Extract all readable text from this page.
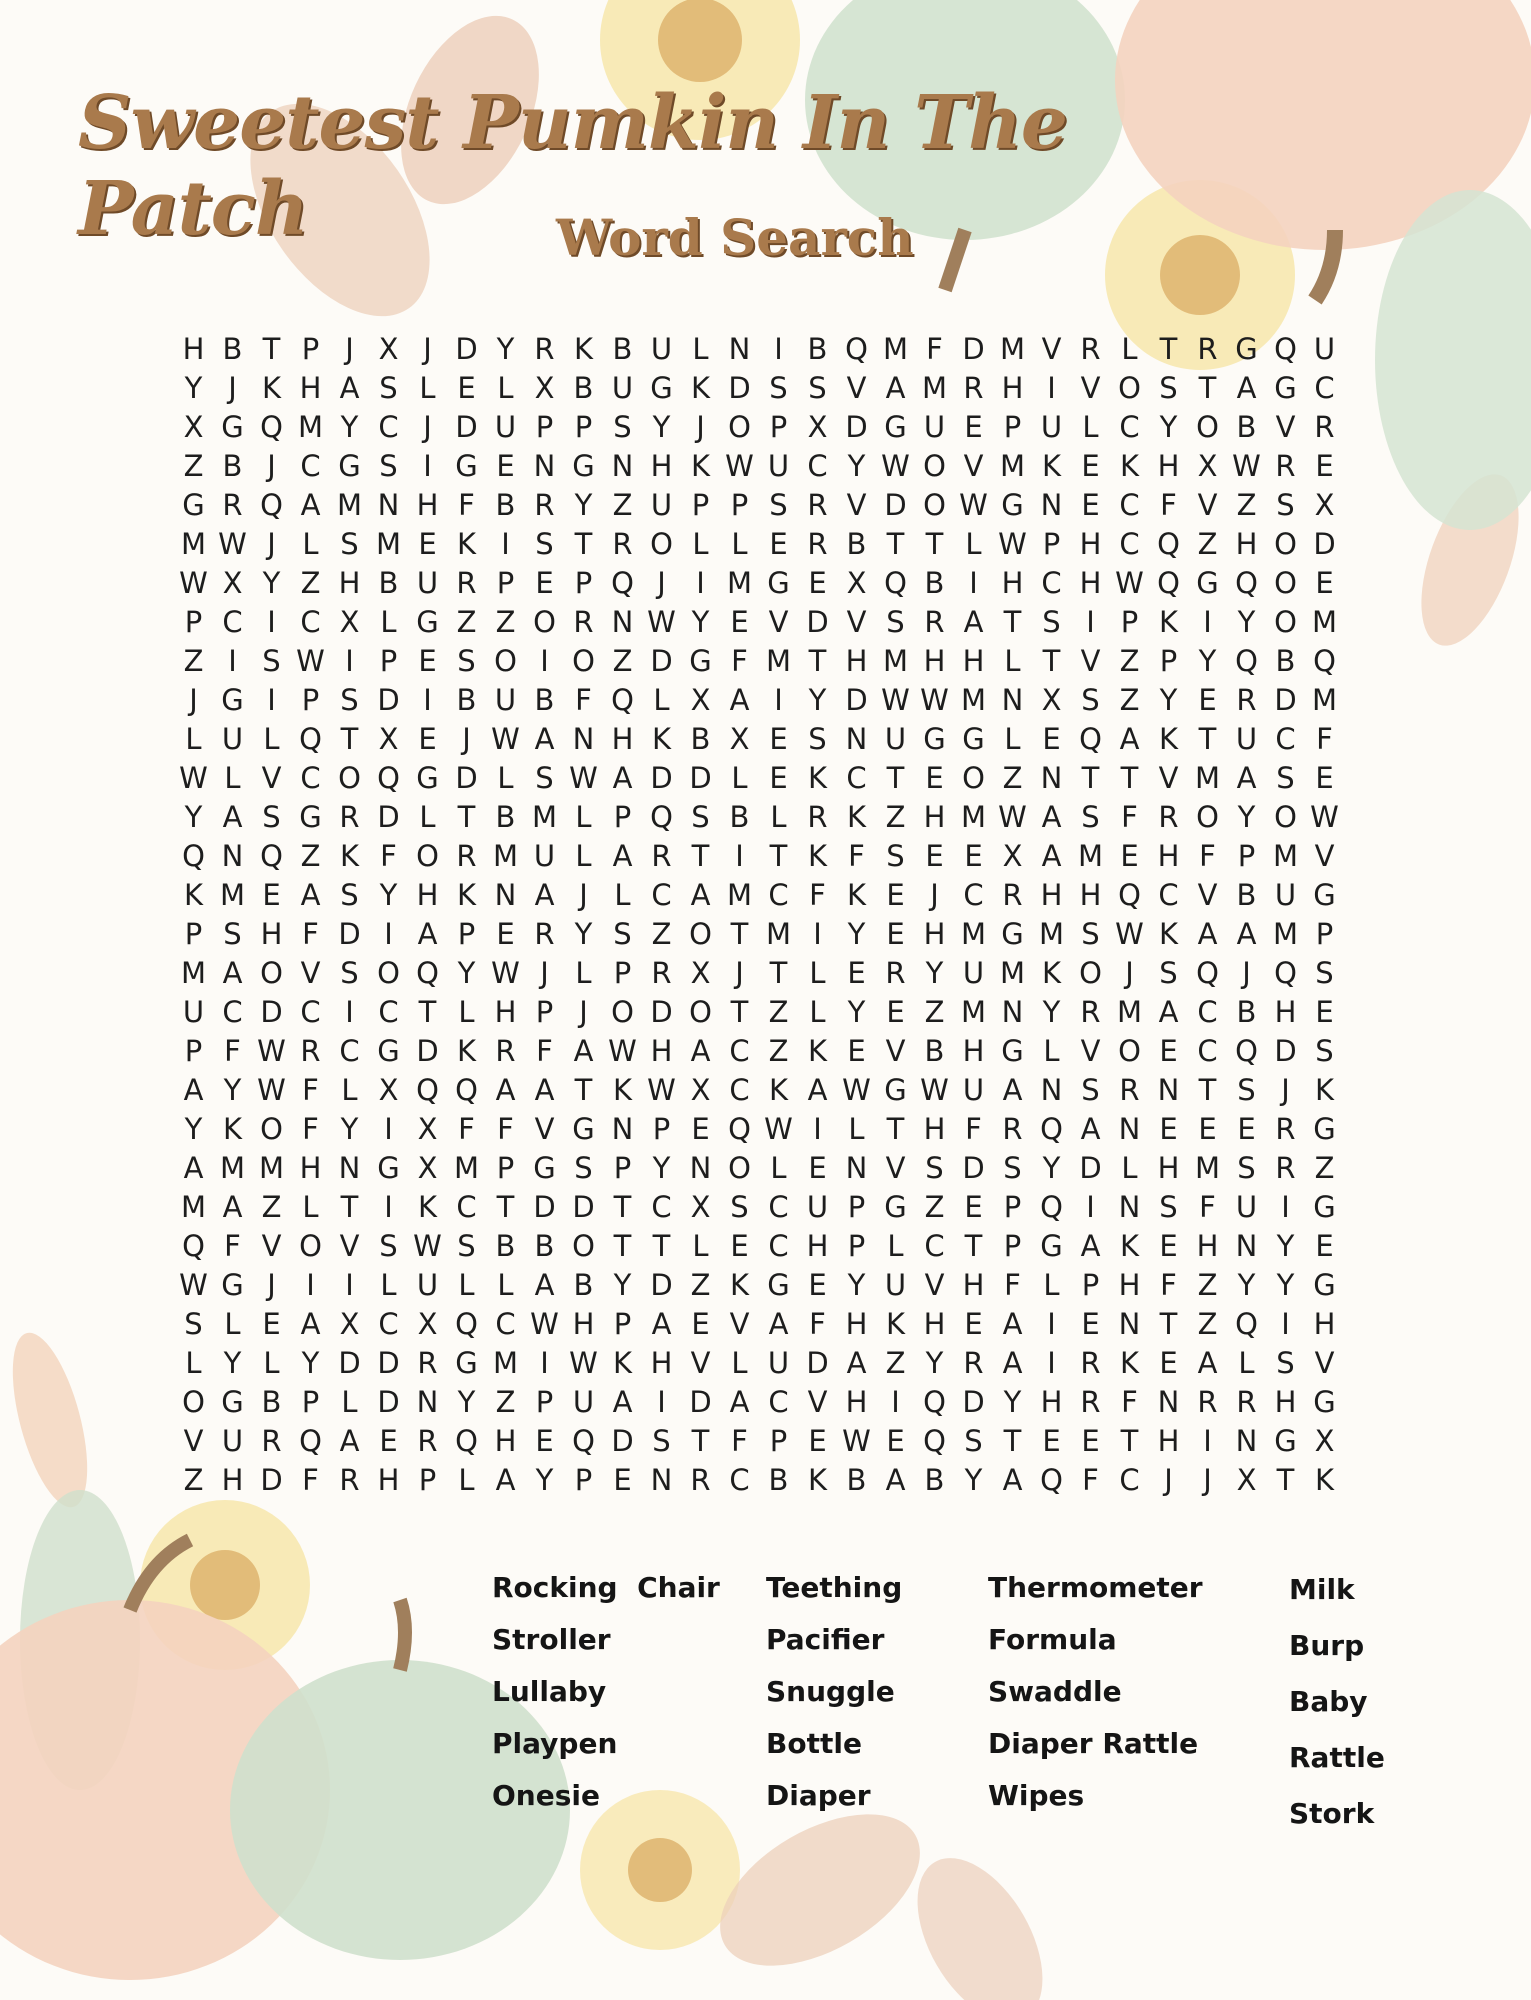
Sweetest Pumkin In The Patch	Word Search
H B T P J X J D Y R K B U L N I B Q M F D M V R L T R G Q U
Y J K H A S L E L X B U G K D S S V A M R H I V O S T A G C
X G Q M Y C J D U P P S Y J O P X D G U E P U L C Y O B V R
Z B J C G S I G E N G N H K W U C Y W O V M K E K H X W R E
G R Q A M N H F B R Y Z U P P S R V D O W G N E C F V Z S X
M W J L S M E K I S T R O L L E R B T T L W P H C Q Z H O D
W X Y Z H B U R P E P Q J	I M G E X Q B I H C H W Q G Q O E
P C I C X L G Z Z O R N W Y E V D V S R A T S I P K I Y O M
Z I S W I P E S O I O Z D G F M T H M H H L T V Z P Y Q B Q
J G I P S D I B U B F Q L X A I Y D W W M N X S Z Y E R D M
L U L Q T X E J W A N H K B X E S N U G G L E Q A K T U C F
W L V C O Q G D L S W A D D L E K C T E O Z N T T V M A S E
Y A S G R D L T B M L P Q S B L R K Z H M W A S F R O Y O W
Q N Q Z K F O R M U L A R T I T K F S E E X A M E H F P M V
K M E A S Y H K N A J L C A M C F K E J C R H H Q C V B U G
P S H F D I A P E R Y S Z O T M I Y E H M G M S W K A A M P
M A O V S O Q Y W J L P R X J T L E R Y U M K O J S Q J Q S
U C D C I C T L H P J O D O T Z L Y E Z M N Y R M A C B H E
P F W R C G D K R F A W H A C Z K E V B H G L V O E C Q D S
A Y W F L X Q Q A A T K W X C K A W G W U A N S R N T S J K
Y K O F Y I X F F V G N P E Q W I L T H F R Q A N E E E R G
A M M H N G X M P G S P Y N O L E N V S D S Y D L H M S R Z
M A Z L T I K C T D D T C X S C U P G Z E P Q I N S F U I G
Q F V O V S W S B B O T T L E C H P L C T P G A K E H N Y E
W G J	I	I L U L L A B Y D Z K G E Y U V H F L P H F Z Y Y G
S L E A X C X Q C W H P A E V A F H K H E A I E N T Z Q I H
L Y L Y D D R G M I W K H V L U D A Z Y R A I R K E A L S V
O G B P L D N Y Z P U A I D A C V H I Q D Y H R F N R R H G
V U R Q A E R Q H E Q D S T F P E W E Q S T E E T H I N G X
Z H D F R H P L A Y P E N R C B K B A B Y A Q F C J	J X T K
Rocking  Chair
Stroller
Lullaby
Playpen
Onesie
Teething
Pacifier
Snuggle
Bottle
Diaper
Thermometer
Formula
Swaddle
Diaper Rattle
Wipes
Milk
Burp
Baby
Rattle
Stork
